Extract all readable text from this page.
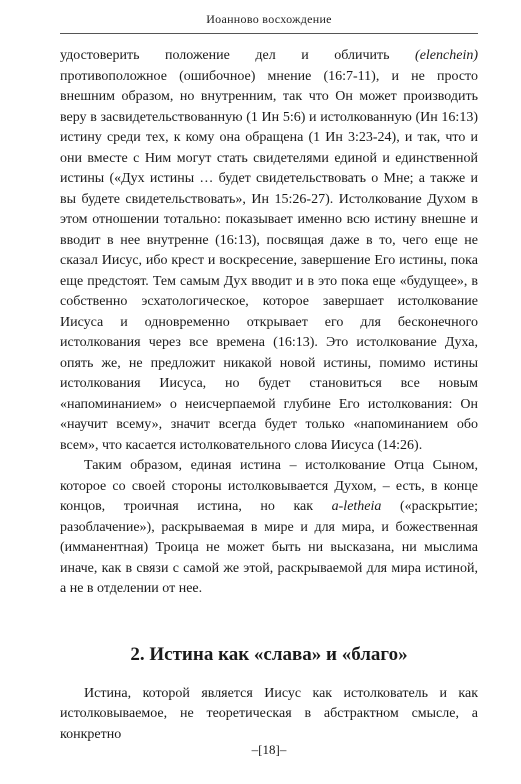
Иоанново восхождение

удостоверить положение дел и обличить (elenchein) противоположное (ошибочное) мнение (16:7-11), и не просто внешним образом, но внутренним, так что Он может производить веру в засвидетельствованную (1 Ин 5:6) и истолкованную (Ин 16:13) истину среди тех, к кому она обращена (1 Ин 3:23-24), и так, что и они вместе с Ним могут стать свидетелями единой и единственной истины («Дух истины … будет свидетельствовать о Мне; а также и вы будете свидетельствовать», Ин 15:26-27). Истолкование Духом в этом отношении тотально: показывает именно всю истину внешне и вводит в нее внутренне (16:13), посвящая даже в то, чего еще не сказал Иисус, ибо крест и воскресение, завершение Его истины, пока еще предстоят. Тем самым Дух вводит и в это пока еще «будущее», в собственно эсхатологическое, которое завершает истолкование Иисуса и одновременно открывает его для бесконечного истолкования через все времена (16:13). Это истолкование Духа, опять же, не предложит никакой новой истины, помимо истины истолкования Иисуса, но будет становиться все новым «напоминанием» о неисчерпаемой глубине Его истолкования: Он «научит всему», значит всегда будет только «напоминанием обо всем», что касается истолковательного слова Иисуса (14:26).

Таким образом, единая истина – истолкование Отца Сыном, которое со своей стороны истолковывается Духом, – есть, в конце концов, троичная истина, но как a-letheia («раскрытие; разоблачение»), раскрываемая в мире и для мира, и божественная (имманентная) Троица не может быть ни высказана, ни мыслима иначе, как в связи с самой же этой, раскрываемой для мира истиной, а не в отделении от нее.

2. Истина как «слава» и «благо»

Истина, которой является Иисус как истолкователь и как истолковываемое, не теоретическая в абстрактном смысле, а конкретно

–[18]–
